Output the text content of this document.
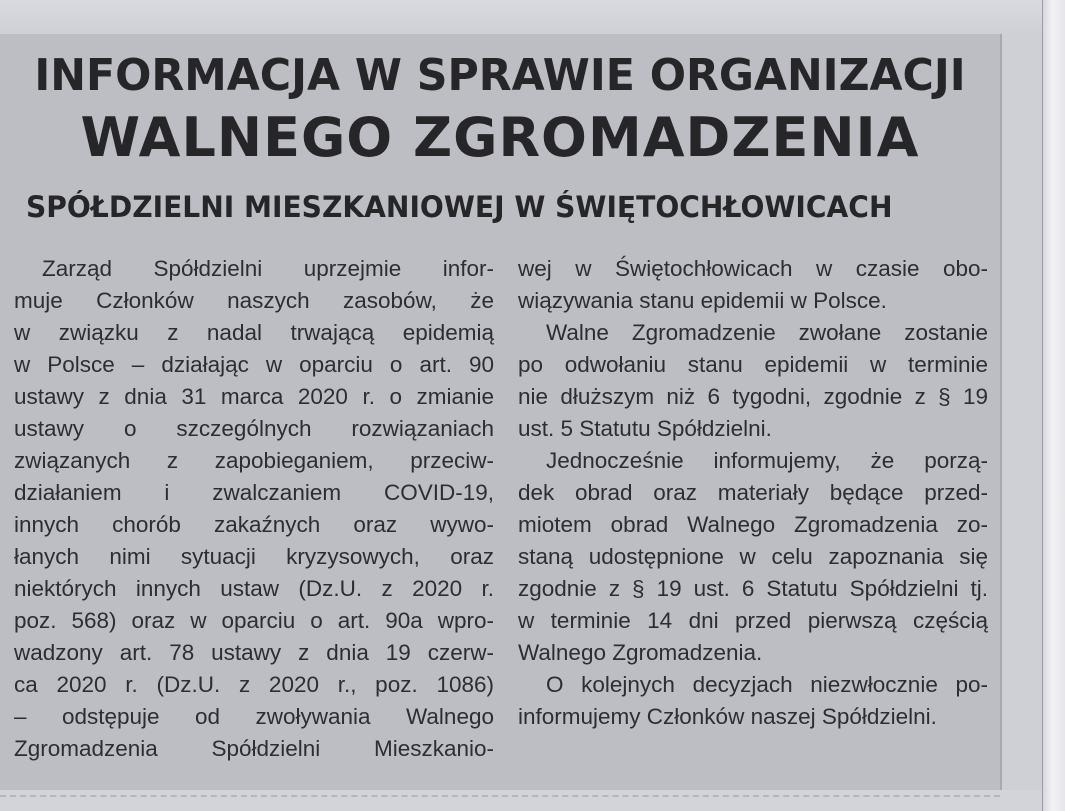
INFORMACJA W SPRAWIE ORGANIZACJI
WALNEGO ZGROMADZENIA
SPÓŁDZIELNI MIESZKANIOWEJ W ŚWIĘTOCHŁOWICACH
Zarząd Spółdzielni uprzejmie infor-
muje Członków naszych zasobów, że
w związku z nadal trwającą epidemią
w Polsce – działając w oparciu o art. 90
ustawy z dnia 31 marca 2020 r. o zmianie
ustawy o szczególnych rozwiązaniach
związanych z zapobieganiem, przeciw-
działaniem i zwalczaniem COVID-19,
innych chorób zakaźnych oraz wywo-
łanych nimi sytuacji kryzysowych, oraz
niektórych innych ustaw (Dz.U. z 2020 r.
poz. 568) oraz w oparciu o art. 90a wpro-
wadzony art. 78 ustawy z dnia 19 czerw-
ca 2020 r. (Dz.U. z 2020 r., poz. 1086)
– odstępuje od zwoływania Walnego
Zgromadzenia Spółdzielni Mieszkanio-
wej w Świętochłowicach w czasie obo-
wiązywania stanu epidemii w Polsce.
Walne Zgromadzenie zwołane zostanie
po odwołaniu stanu epidemii w terminie
nie dłuższym niż 6 tygodni, zgodnie z § 19
ust. 5 Statutu Spółdzielni.
Jednocześnie informujemy, że porzą-
dek obrad oraz materiały będące przed-
miotem obrad Walnego Zgromadzenia zo-
staną udostępnione w celu zapoznania się
zgodnie z § 19 ust. 6 Statutu Spółdzielni tj.
w terminie 14 dni przed pierwszą częścią
Walnego Zgromadzenia.
O kolejnych decyzjach niezwłocznie po-
informujemy Członków naszej Spółdzielni.
